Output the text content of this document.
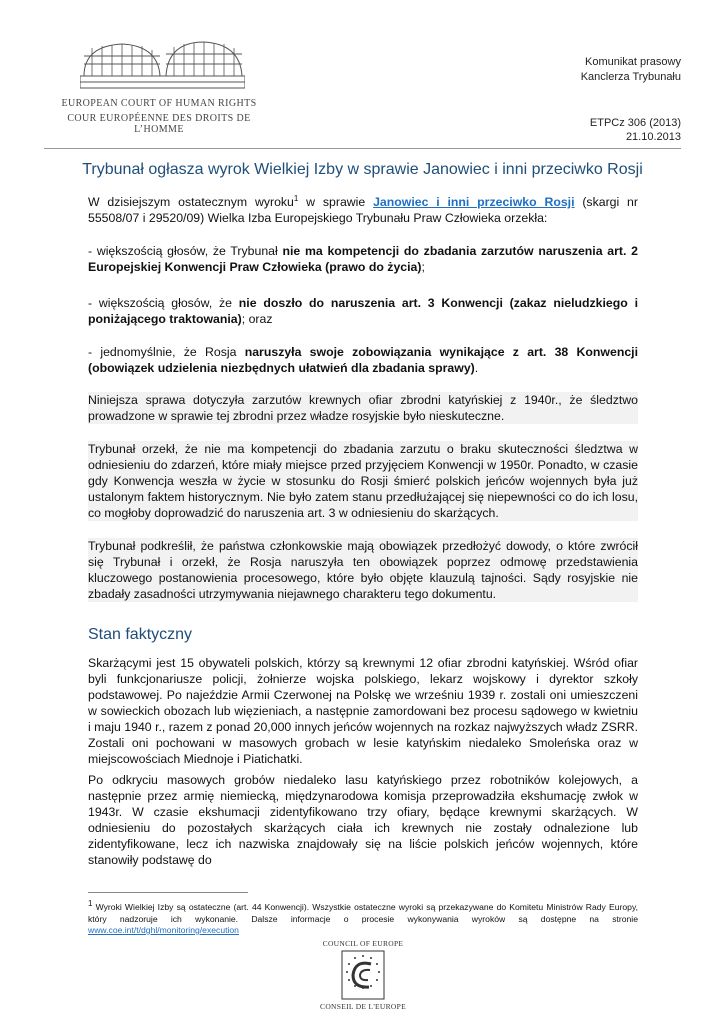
EUROPEAN COURT OF HUMAN RIGHTS
COUR EUROPÉENNE DES DROITS DE L’HOMME
Komunikat prasowy
Kanclerza Trybunału
ETPCz 306 (2013)
21.10.2013
Trybunał ogłasza wyrok Wielkiej Izby w sprawie Janowiec i inni przeciwko Rosji
W dzisiejszym ostatecznym wyroku$^1$ w sprawie Janowiec i inni przeciwko Rosji (skargi nr 55508/07 i 29520/09) Wielka Izba Europejskiego Trybunału Praw Człowieka orzekła:
- większością głosów, że Trybunał nie ma kompetencji do zbadania zarzutów naruszenia art. 2 Europejskiej Konwencji Praw Człowieka (prawo do życia);
- większością głosów, że nie doszło do naruszenia art. 3 Konwencji (zakaz nieludzkiego i poniżającego traktowania); oraz
- jednomyślnie, że Rosja naruszyła swoje zobowiązania wynikające z art. 38 Konwencji (obowiązek udzielenia niezbędnych ułatwień dla zbadania sprawy).
Niniejsza sprawa dotyczyła zarzutów krewnych ofiar zbrodni katyńskiej z 1940r., że śledztwo prowadzone w sprawie tej zbrodni przez władze rosyjskie było nieskuteczne.
Trybunał orzekł, że nie ma kompetencji do zbadania zarzutu o braku skuteczności śledztwa w odniesieniu do zdarzeń, które miały miejsce przed przyjęciem Konwencji w 1950r. Ponadto, w czasie gdy Konwencja weszła w życie w stosunku do Rosji śmierć polskich jeńców wojennych była już ustalonym faktem historycznym. Nie było zatem stanu przedłużającej się niepewności co do ich losu, co mogłoby doprowadzić do naruszenia art. 3 w odniesieniu do skarżących.
Trybunał podkreślił, że państwa członkowskie mają obowiązek przedłożyć dowody, o które zwrócił się Trybunał i orzekł, że Rosja naruszyła ten obowiązek poprzez odmowę przedstawienia kluczowego postanowienia procesowego, które było objęte klauzulą tajności. Sądy rosyjskie nie zbadały zasadności utrzymywania niejawnego charakteru tego dokumentu.
Stan faktyczny
Skarżącymi jest 15 obywateli polskich, którzy są krewnymi 12 ofiar zbrodni katyńskiej. Wśród ofiar byli funkcjonariusze policji, żołnierze wojska polskiego, lekarz wojskowy i dyrektor szkoły podstawowej. Po najeździe Armii Czerwonej na Polskę we wrześniu 1939 r. zostali oni umieszczeni w sowieckich obozach lub więzieniach, a następnie zamordowani bez procesu sądowego w kwietniu i maju 1940 r., razem z ponad 20,000 innych jeńców wojennych na rozkaz najwyższych władz ZSRR. Zostali oni pochowani w masowych grobach w lesie katyńskim niedaleko Smoleńska oraz w miejscowościach Miednoje i Piatichatki.
Po odkryciu masowych grobów niedaleko lasu katyńskiego przez robotników kolejowych, a następnie przez armię niemiecką, międzynarodowa komisja przeprowadziła ekshumację zwłok w 1943r. W czasie ekshumacji zidentyfikowano trzy ofiary, będące krewnymi skarżących. W odniesieniu do pozostałych skarżących ciała ich krewnych nie zostały odnalezione lub zidentyfikowane, lecz ich nazwiska znajdowały się na liście polskich jeńców wojennych, które stanowiły podstawę do
$^1$ Wyroki Wielkiej Izby są ostateczne (art. 44 Konwencji). Wszystkie ostateczne wyroki są przekazywane do Komitetu Ministrów Rady Europy, który nadzoruje ich wykonanie. Dalsze informacje o procesie wykonywania wyroków są dostępne na stronie www.coe.int/t/dghl/monitoring/execution
COUNCIL OF EUROPE
CONSEIL DE L'EUROPE
